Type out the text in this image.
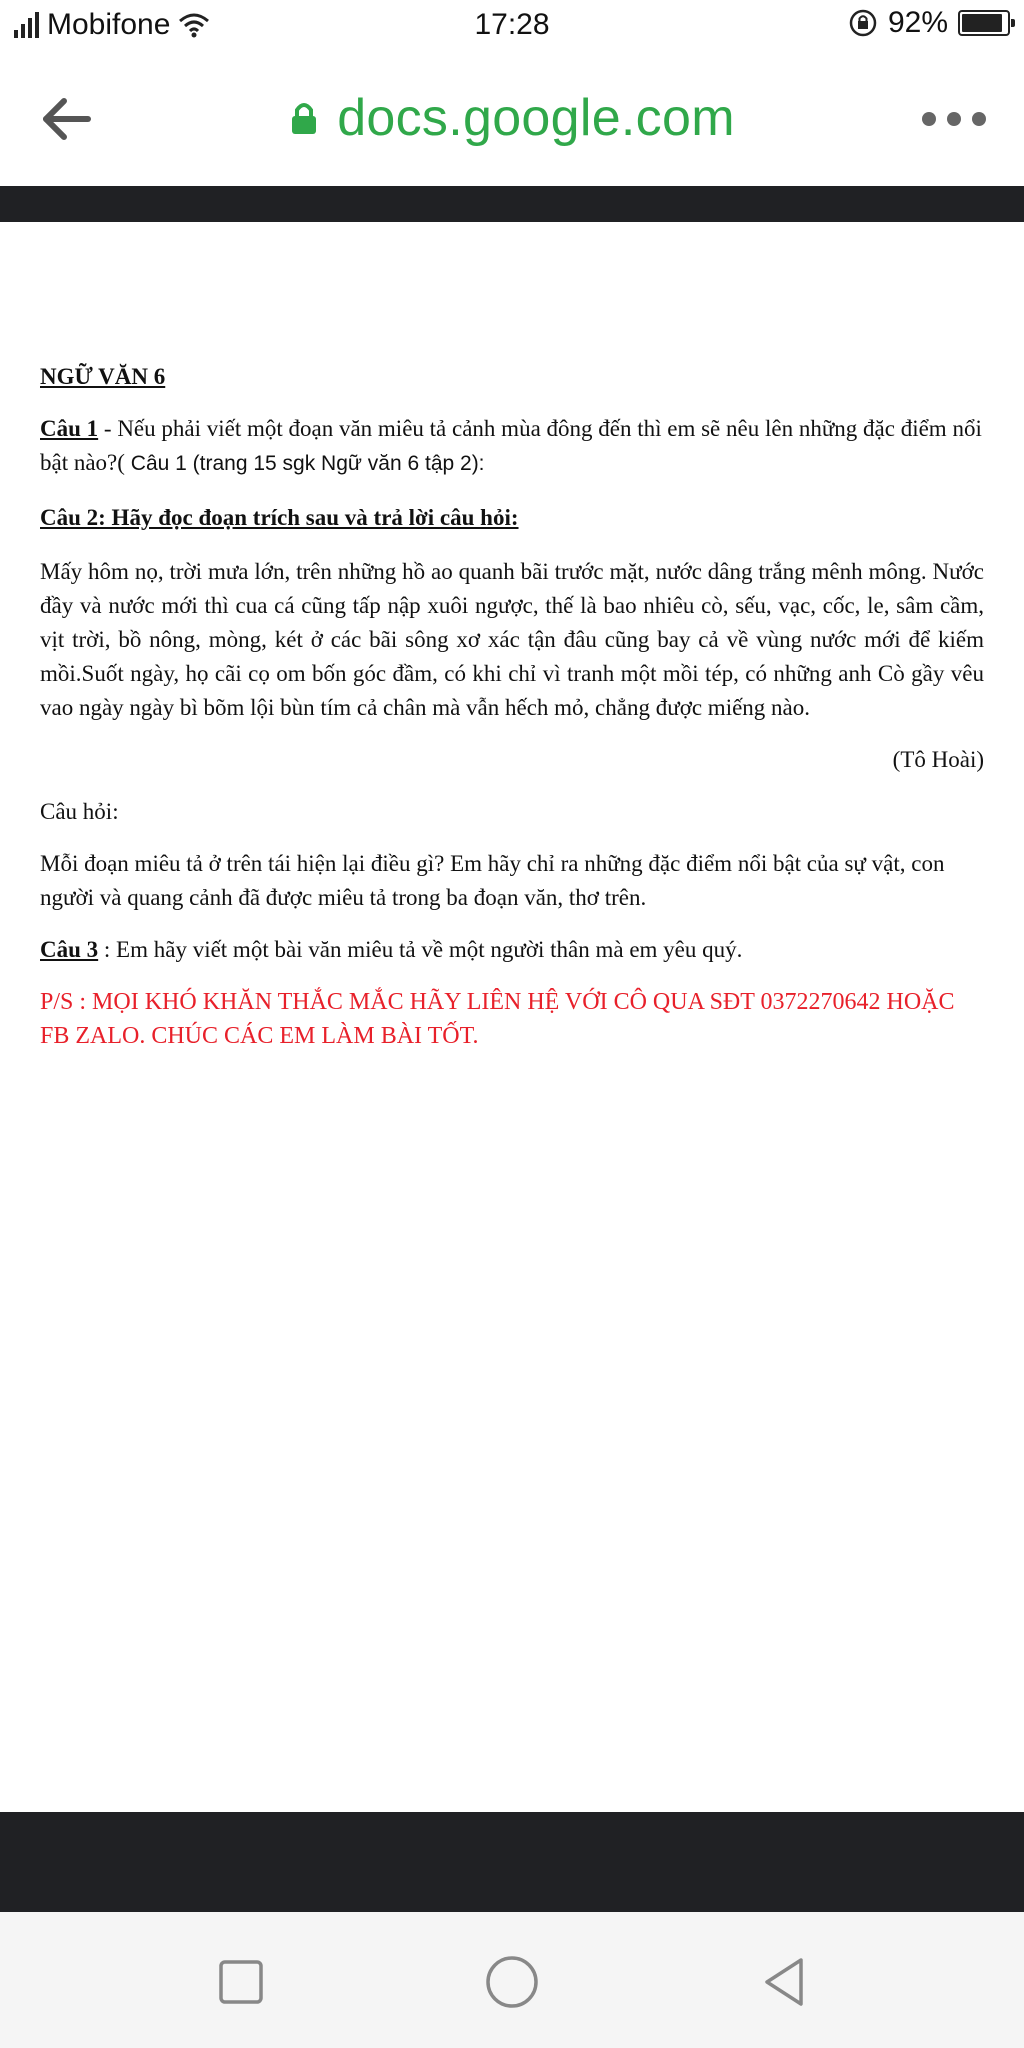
Mobifone	17:28	92%
docs.google.com

NGỮ VĂN 6

Câu 1 - Nếu phải viết một đoạn văn miêu tả cảnh mùa đông đến thì em sẽ nêu lên những đặc điểm nổi bật nào?( Câu 1 (trang 15 sgk Ngữ văn 6 tập 2):

Câu 2: Hãy đọc đoạn trích sau và trả lời câu hỏi:

Mấy hôm nọ, trời mưa lớn, trên những hồ ao quanh bãi trước mặt, nước dâng trắng mênh mông. Nước đầy và nước mới thì cua cá cũng tấp nập xuôi ngược, thế là bao nhiêu cò, sếu, vạc, cốc, le, sâm cầm, vịt trời, bồ nông, mòng, két ở các bãi sông xơ xác tận đâu cũng bay cả về vùng nước mới để kiếm mồi.Suốt ngày, họ cãi cọ om bốn góc đầm, có khi chỉ vì tranh một mồi tép, có những anh Cò gầy vêu vao ngày ngày bì bõm lội bùn tím cả chân mà vẫn hếch mỏ, chẳng được miếng nào.

(Tô Hoài)

Câu hỏi:

Mỗi đoạn miêu tả ở trên tái hiện lại điều gì? Em hãy chỉ ra những đặc điểm nổi bật của sự vật, con người và quang cảnh đã được miêu tả trong ba đoạn văn, thơ trên.

Câu 3 : Em hãy viết một bài văn miêu tả về một người thân mà em yêu quý.

P/S : MỌI KHÓ KHĂN THẮC MẮC HÃY LIÊN HỆ VỚI CÔ QUA SĐT 0372270642 HOẶC FB ZALO. CHÚC CÁC EM LÀM BÀI TỐT.
